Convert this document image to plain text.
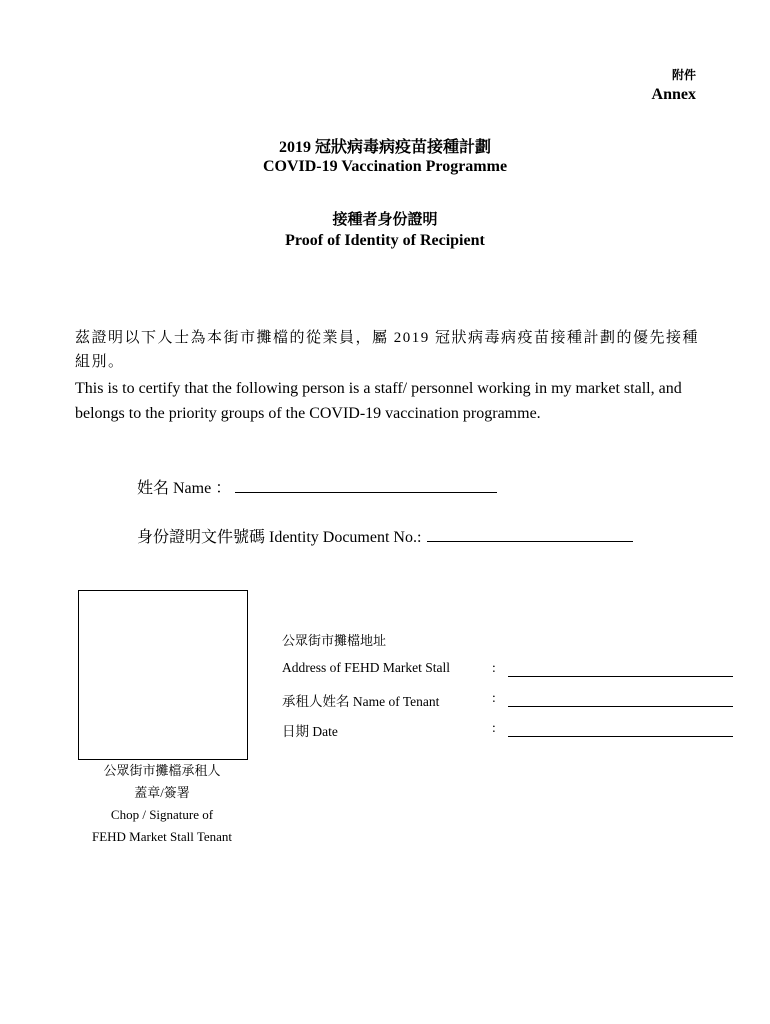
附件
Annex
2019 冠狀病毒病疫苗接種計劃
COVID-19 Vaccination Programme
接種者身份證明
Proof of Identity of Recipient
茲證明以下人士為本街市攤檔的從業員，屬 2019 冠狀病毒病疫苗接種計劃的優先接種組別。
This is to certify that the following person is a staff/ personnel working in my market stall, and belongs to the priority groups of the COVID-19 vaccination programme.
姓名 Name ：
身份證明文件號碼 Identity Document No.:
公眾街市攤檔承租人
蓋章/簽署
Chop / Signature of
FEHD Market Stall Tenant
公眾街市攤檔地址
Address of FEHD Market Stall	:
承租人姓名 Name of Tenant	:
日期 Date	:
